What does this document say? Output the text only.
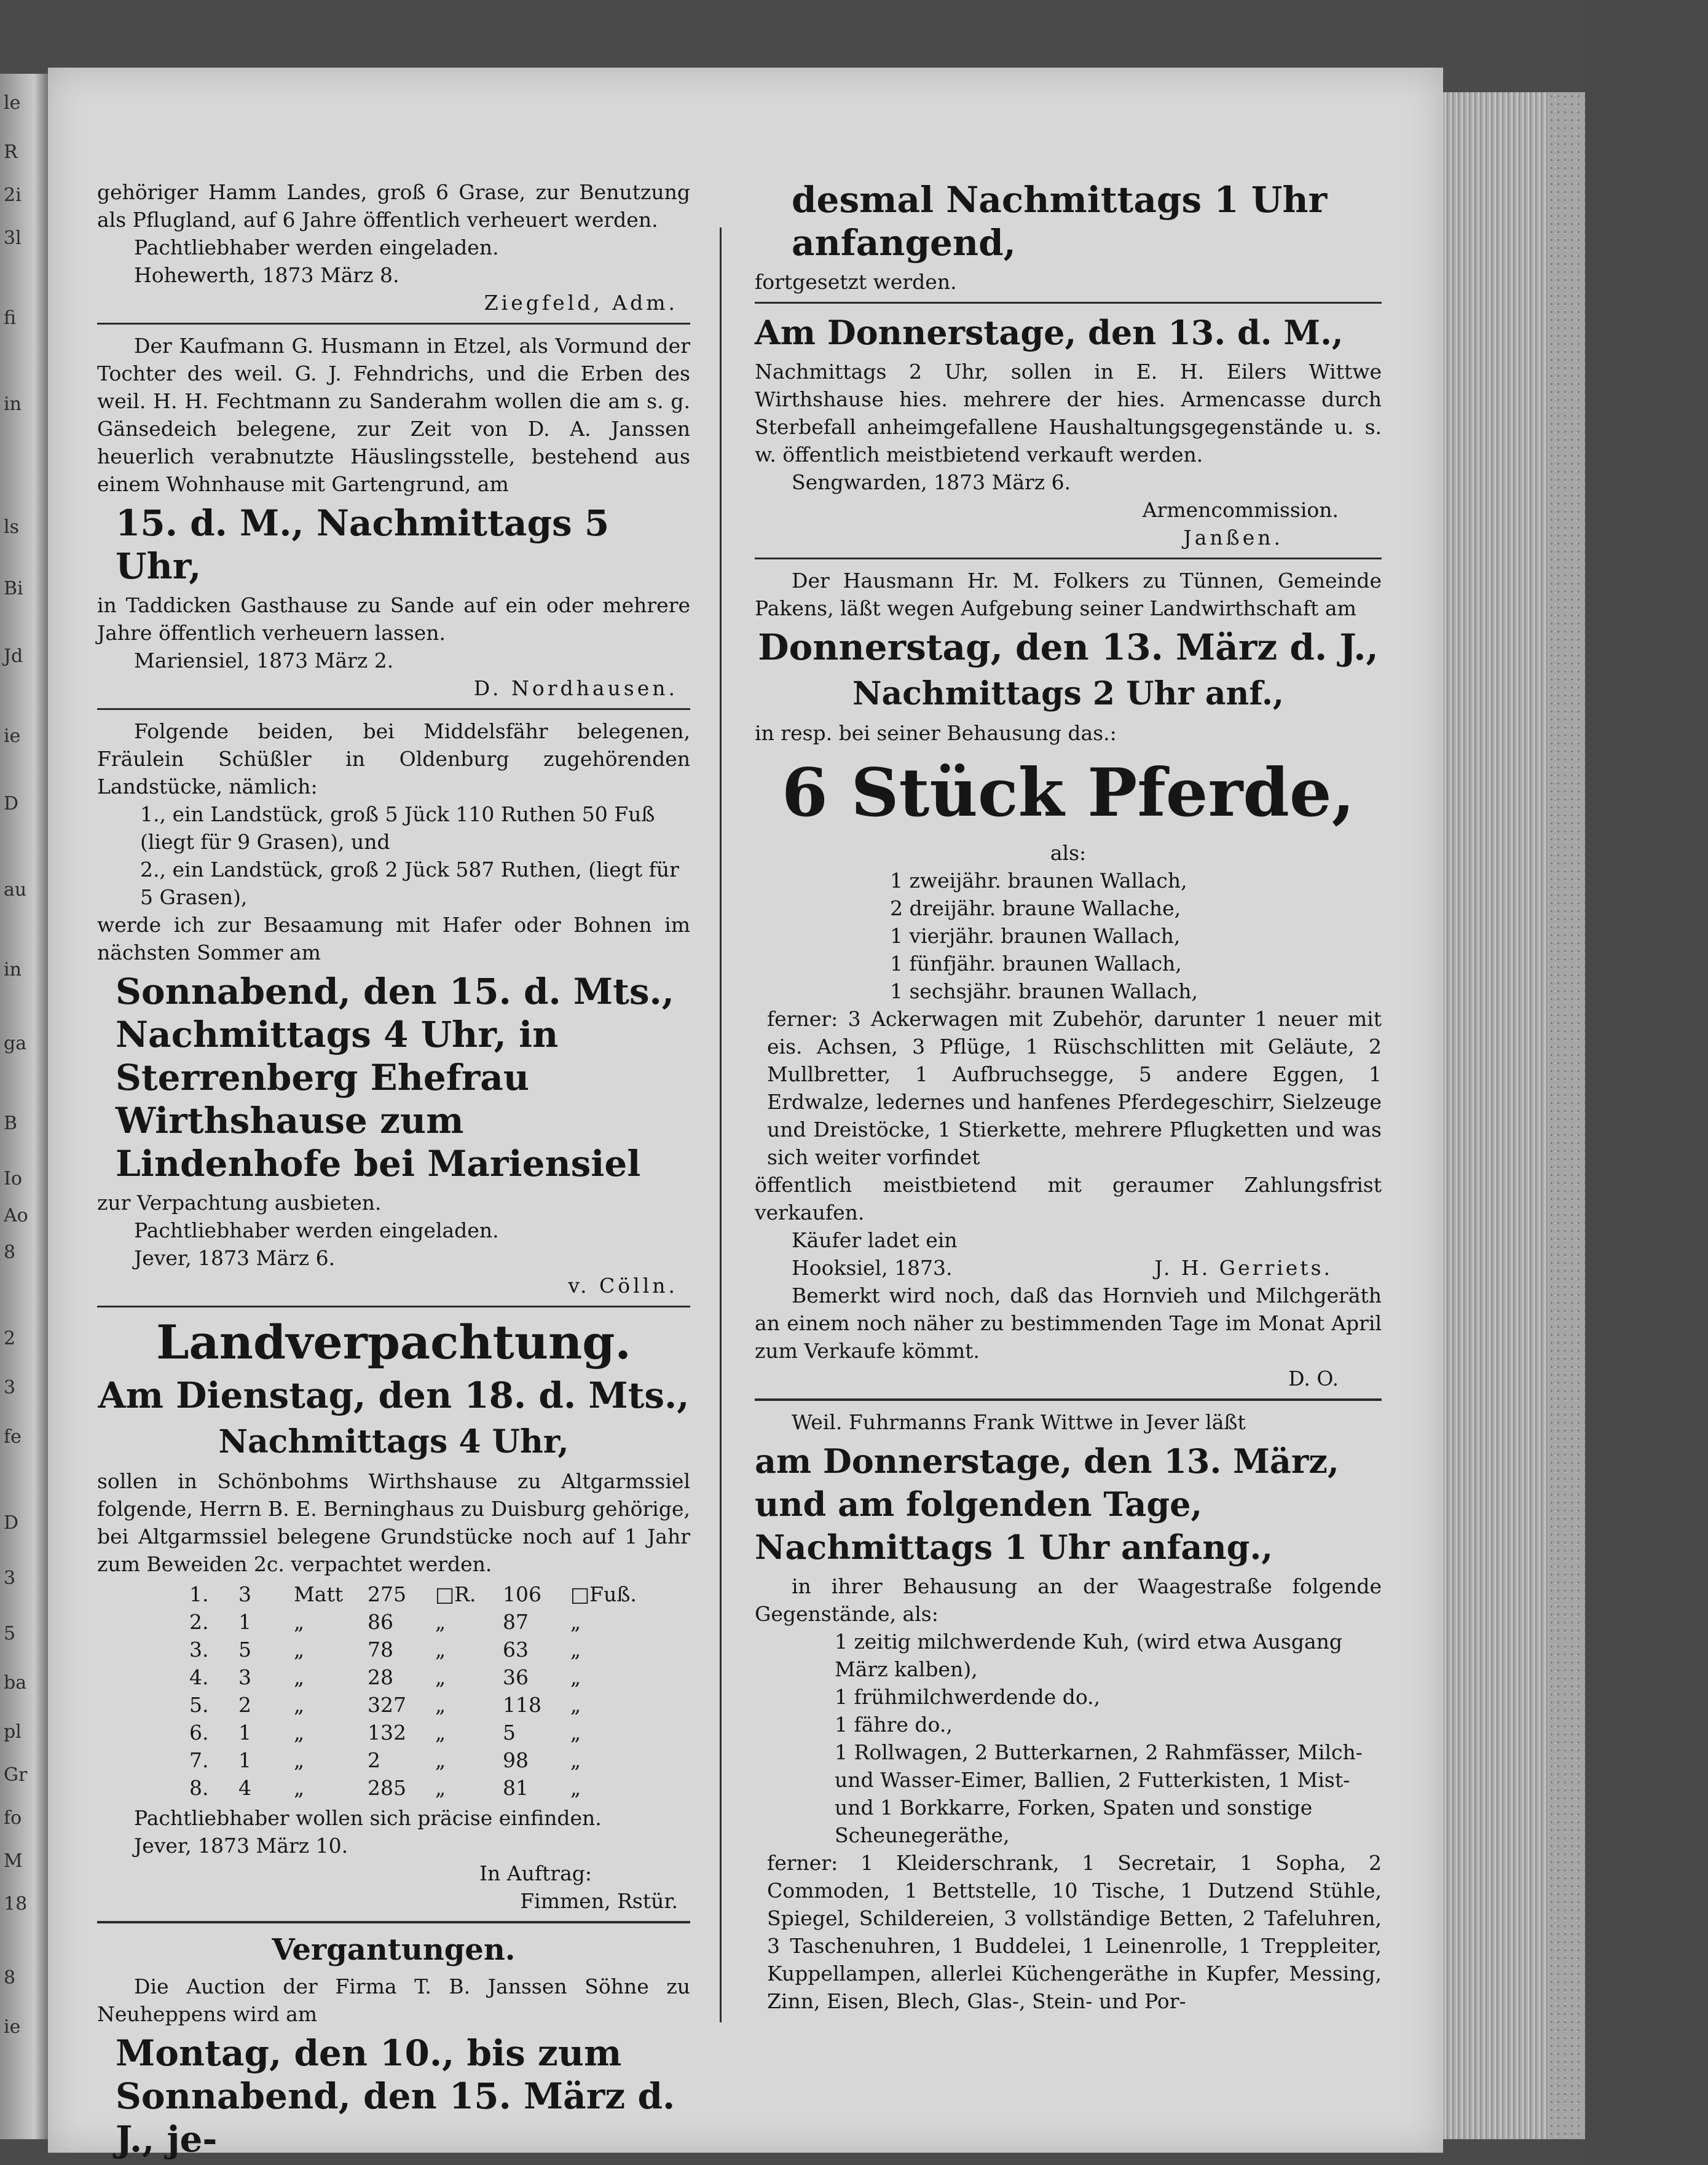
le
R
2i
3l
fi
in
ls
Bi
Jd
ie
D
au
in
ga
B
Io
Ao
8
2
3
fe
D
3
5
ba
pl
Gr
fo
M
18
8
ie

gehöriger Hamm Landes, groß 6 Grase, zur Benutzung als Pflugland, auf 6 Jahre öffentlich verheuert werden.

Pachtliebhaber werden eingeladen.

Hohewerth, 1873 März 8.

Ziegfeld, Adm.

Der Kaufmann G. Husmann in Etzel, als Vormund der Tochter des weil. G. J. Fehndrichs, und die Erben des weil. H. H. Fechtmann zu Sanderahm wollen die am s. g. Gänsedeich belegene, zur Zeit von D. A. Janssen heuerlich verabnutzte Häuslingsstelle, bestehend aus einem Wohnhause mit Gartengrund, am

15. d. M., Nachmittags 5 Uhr,

in Taddicken Gasthause zu Sande auf ein oder mehrere Jahre öffentlich verheuern lassen.

Mariensiel, 1873 März 2.

D. Nordhausen.

Folgende beiden, bei Middelsfähr belegenen, Fräulein Schüßler in Oldenburg zugehörenden Landstücke, nämlich:

1., ein Landstück, groß 5 Jück 110 Ruthen 50 Fuß (liegt für 9 Grasen), und
2., ein Landstück, groß 2 Jück 587 Ruthen, (liegt für 5 Grasen),

werde ich zur Besaamung mit Hafer oder Bohnen im nächsten Sommer am

Sonnabend, den 15. d. Mts., Nachmittags 4 Uhr, in Sterrenberg Ehefrau Wirthshause zum Lindenhofe bei Mariensiel

zur Verpachtung ausbieten.

Pachtliebhaber werden eingeladen.

Jever, 1873 März 6.

v. Cölln.

Landverpachtung.

Am Dienstag, den 18. d. Mts.,

Nachmittags 4 Uhr,

sollen in Schönbohms Wirthshause zu Altgarmssiel folgende, Herrn B. E. Berninghaus zu Duisburg gehörige, bei Altgarmssiel belegene Grundstücke noch auf 1 Jahr zum Beweiden 2c. verpachtet werden.

1.	3	Matt	275	□R.	106	□Fuß.
2.	1	„	86	„	87	„
3.	5	„	78	„	63	„
4.	3	„	28	„	36	„
5.	2	„	327	„	118	„
6.	1	„	132	„	5	„
7.	1	„	2	„	98	„
8.	4	„	285	„	81	„

Pachtliebhaber wollen sich präcise einfinden.

Jever, 1873 März 10.

In Auftrag:

Fimmen, Rstür.

Vergantungen.

Die Auction der Firma T. B. Janssen Söhne zu Neuheppens wird am

Montag, den 10., bis zum Sonnabend, den 15. März d. J., je-

desmal Nachmittags 1 Uhr anfangend,

fortgesetzt werden.

Am Donnerstage, den 13. d. M.,

Nachmittags 2 Uhr, sollen in E. H. Eilers Wittwe Wirthshause hies. mehrere der hies. Armencasse durch Sterbefall anheimgefallene Haushaltungsgegenstände u. s. w. öffentlich meistbietend verkauft werden.

Sengwarden, 1873 März 6.

Armencommission.

Janßen.

Der Hausmann Hr. M. Folkers zu Tünnen, Gemeinde Pakens, läßt wegen Aufgebung seiner Landwirthschaft am

Donnerstag, den 13. März d. J.,

Nachmittags 2 Uhr anf.,

in resp. bei seiner Behausung das.:

6 Stück Pferde,

als:

1 zweijähr. braunen Wallach,
2 dreijähr. braune Wallache,
1 vierjähr. braunen Wallach,
1 fünfjähr. braunen Wallach,
1 sechsjähr. braunen Wallach,

ferner: 3 Ackerwagen mit Zubehör, darunter 1 neuer mit eis. Achsen, 3 Pflüge, 1 Rüschschlitten mit Geläute, 2 Mullbretter, 1 Aufbruchsegge, 5 andere Eggen, 1 Erdwalze, ledernes und hanfenes Pferdegeschirr, Sielzeuge und Dreistöcke, 1 Stierkette, mehrere Pflugketten und was sich weiter vorfindet

öffentlich meistbietend mit geraumer Zahlungsfrist verkaufen.

Käufer ladet ein

Hooksiel, 1873.	J. H. Gerriets.

Bemerkt wird noch, daß das Hornvieh und Milchgeräth an einem noch näher zu bestimmenden Tage im Monat April zum Verkaufe kömmt.

D. O.

Weil. Fuhrmanns Frank Wittwe in Jever läßt

am Donnerstage, den 13. März, und am folgenden Tage, Nachmittags 1 Uhr anfang.,

in ihrer Behausung an der Waagestraße folgende Gegenstände, als:

1 zeitig milchwerdende Kuh, (wird etwa Ausgang März kalben),
1 frühmilchwerdende do.,
1 fähre do.,
1 Rollwagen, 2 Butterkarnen, 2 Rahmfässer, Milch- und Wasser-Eimer, Ballien, 2 Futterkisten, 1 Mist- und 1 Borkkarre, Forken, Spaten und sonstige Scheunegeräthe,

ferner: 1 Kleiderschrank, 1 Secretair, 1 Sopha, 2 Commoden, 1 Bettstelle, 10 Tische, 1 Dutzend Stühle, Spiegel, Schildereien, 3 vollständige Betten, 2 Tafeluhren, 3 Taschenuhren, 1 Buddelei, 1 Leinenrolle, 1 Treppleiter, Kuppellampen, allerlei Küchengeräthe in Kupfer, Messing, Zinn, Eisen, Blech, Glas-, Stein- und Por-
